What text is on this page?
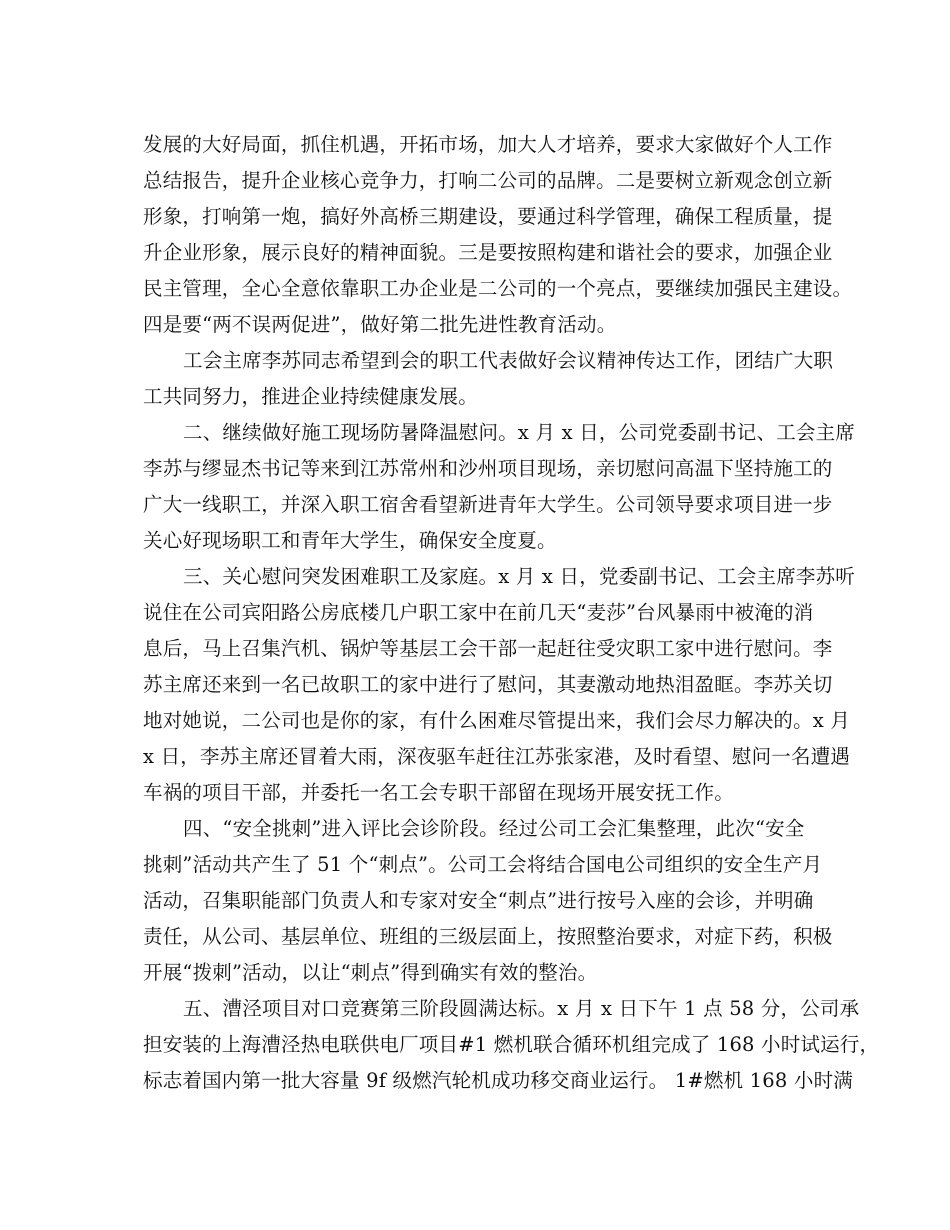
发展的大好局面，抓住机遇，开拓市场，加大人才培养，要求大家做好个人工作
总结报告，提升企业核心竞争力，打响二公司的品牌。二是要树立新观念创立新
形象，打响第一炮，搞好外高桥三期建设，要通过科学管理，确保工程质量，提
升企业形象，展示良好的精神面貌。三是要按照构建和谐社会的要求，加强企业
民主管理，全心全意依靠职工办企业是二公司的一个亮点，要继续加强民主建设。
四是要“两不误两促进”，做好第二批先进性教育活动。
工会主席李苏同志希望到会的职工代表做好会议精神传达工作，团结广大职
工共同努力，推进企业持续健康发展。
二、继续做好施工现场防暑降温慰问。x 月 x 日，公司党委副书记、工会主席
李苏与缪显杰书记等来到江苏常州和沙州项目现场，亲切慰问高温下坚持施工的
广大一线职工，并深入职工宿舍看望新进青年大学生。公司领导要求项目进一步
关心好现场职工和青年大学生，确保安全度夏。
三、关心慰问突发困难职工及家庭。x 月 x 日，党委副书记、工会主席李苏听
说住在公司宾阳路公房底楼几户职工家中在前几天“麦莎”台风暴雨中被淹的消
息后，马上召集汽机、锅炉等基层工会干部一起赶往受灾职工家中进行慰问。李
苏主席还来到一名已故职工的家中进行了慰问，其妻激动地热泪盈眶。李苏关切
地对她说，二公司也是你的家，有什么困难尽管提出来，我们会尽力解决的。x 月
x 日，李苏主席还冒着大雨，深夜驱车赶往江苏张家港，及时看望、慰问一名遭遇
车祸的项目干部，并委托一名工会专职干部留在现场开展安抚工作。
四、“安全挑刺”进入评比会诊阶段。经过公司工会汇集整理，此次“安全
挑刺”活动共产生了 51 个“刺点”。公司工会将结合国电公司组织的安全生产月
活动，召集职能部门负责人和专家对安全“刺点”进行按号入座的会诊，并明确
责任，从公司、基层单位、班组的三级层面上，按照整治要求，对症下药，积极
开展“拨刺”活动，以让“刺点”得到确实有效的整治。
五、漕泾项目对口竞赛第三阶段圆满达标。x 月 x 日下午 1 点 58 分，公司承
担安装的上海漕泾热电联供电厂项目#1 燃机联合循环机组完成了 168 小时试运行，
标志着国内第一批大容量 9f 级燃汽轮机成功移交商业运行。 1#燃机 168 小时满
